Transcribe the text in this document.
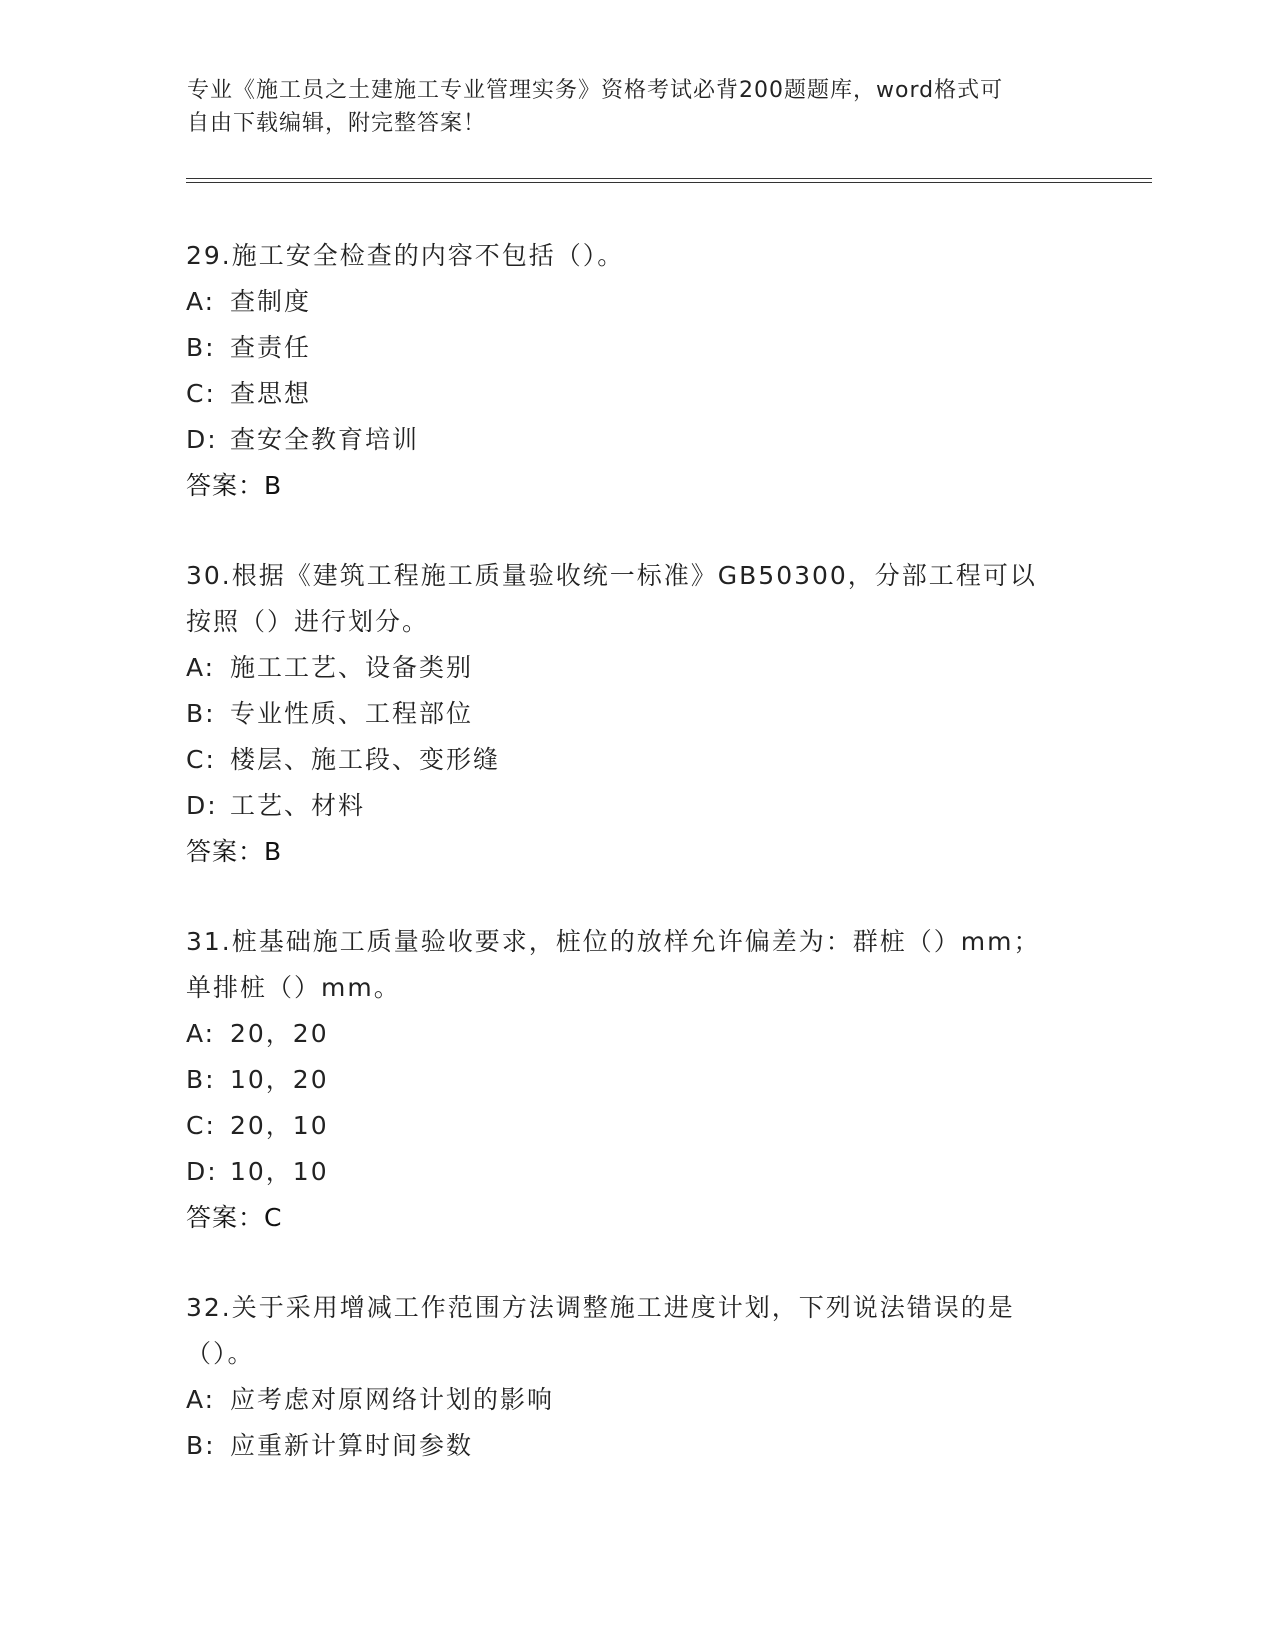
专业《施工员之土建施工专业管理实务》资格考试必背200题题库，word格式可
自由下载编辑，附完整答案！

29.施工安全检查的内容不包括（）。

A: 查制度

B: 查责任

C: 查思想

D: 查安全教育培训

答案：B

30.根据《建筑工程施工质量验收统一标准》GB50300，分部工程可以

按照（）进行划分。

A: 施工工艺、设备类别

B: 专业性质、工程部位

C: 楼层、施工段、变形缝

D: 工艺、材料

答案：B

31.桩基础施工质量验收要求，桩位的放样允许偏差为：群桩（）mm；

单排桩（）mm。

A: 20，20

B: 10，20

C: 20，10

D: 10，10

答案：C

32.关于采用增减工作范围方法调整施工进度计划，下列说法错误的是

（）。

A: 应考虑对原网络计划的影响

B: 应重新计算时间参数
